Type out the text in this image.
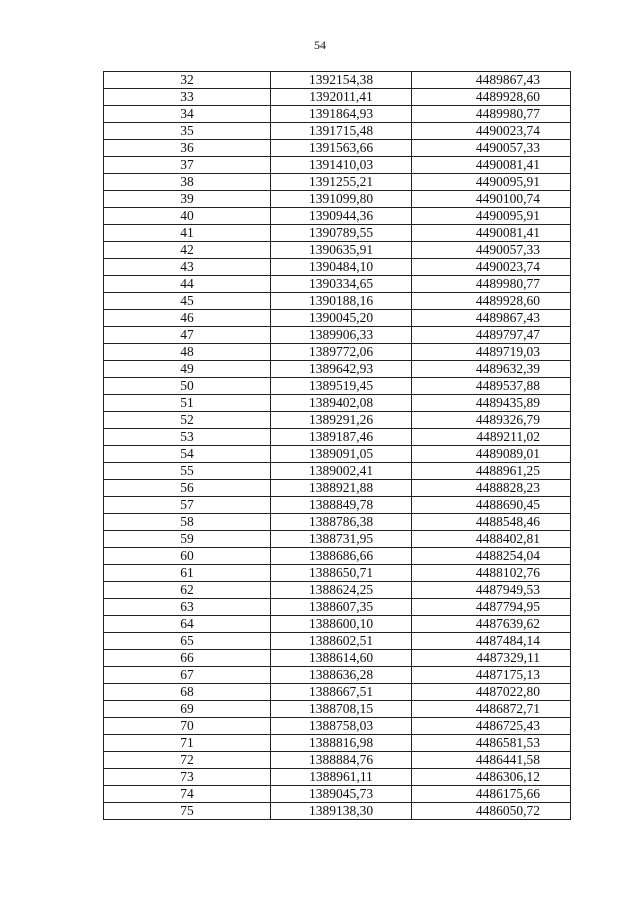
54
32	1392154,38	4489867,43
33	1392011,41	4489928,60
34	1391864,93	4489980,77
35	1391715,48	4490023,74
36	1391563,66	4490057,33
37	1391410,03	4490081,41
38	1391255,21	4490095,91
39	1391099,80	4490100,74
40	1390944,36	4490095,91
41	1390789,55	4490081,41
42	1390635,91	4490057,33
43	1390484,10	4490023,74
44	1390334,65	4489980,77
45	1390188,16	4489928,60
46	1390045,20	4489867,43
47	1389906,33	4489797,47
48	1389772,06	4489719,03
49	1389642,93	4489632,39
50	1389519,45	4489537,88
51	1389402,08	4489435,89
52	1389291,26	4489326,79
53	1389187,46	4489211,02
54	1389091,05	4489089,01
55	1389002,41	4488961,25
56	1388921,88	4488828,23
57	1388849,78	4488690,45
58	1388786,38	4488548,46
59	1388731,95	4488402,81
60	1388686,66	4488254,04
61	1388650,71	4488102,76
62	1388624,25	4487949,53
63	1388607,35	4487794,95
64	1388600,10	4487639,62
65	1388602,51	4487484,14
66	1388614,60	4487329,11
67	1388636,28	4487175,13
68	1388667,51	4487022,80
69	1388708,15	4486872,71
70	1388758,03	4486725,43
71	1388816,98	4486581,53
72	1388884,76	4486441,58
73	1388961,11	4486306,12
74	1389045,73	4486175,66
75	1389138,30	4486050,72
